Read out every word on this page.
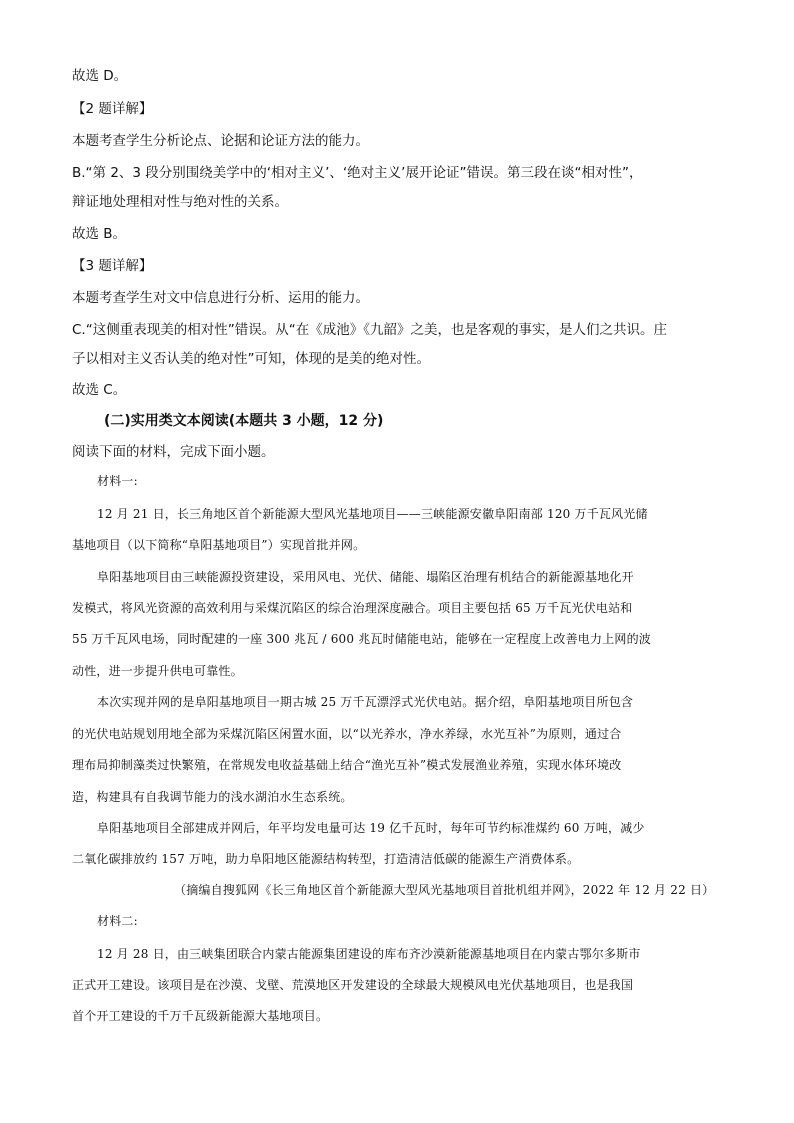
故选 D。
【2 题详解】
本题考查学生分析论点、论据和论证方法的能力。
B.“第 2、3 段分别围绕美学中的‘相对主义’、‘绝对主义’展开论证”错误。第三段在谈“相对性”，
辩证地处理相对性与绝对性的关系。
故选 B。
【3 题详解】
本题考查学生对文中信息进行分析、运用的能力。
C.“这侧重表现美的相对性”错误。从“在《成池》《九韶》之美，也是客观的事实，是人们之共识。庄
子以相对主义否认美的绝对性”可知，体现的是美的绝对性。
故选 C。
(二)实用类文本阅读(本题共 3 小题，12 分)
阅读下面的材料，完成下面小题。
材料一:
12 月 21 日，长三角地区首个新能源大型风光基地项目——三峡能源安徽阜阳南部 120 万千瓦风光储
基地项目（以下简称“阜阳基地项目”）实现首批并网。
阜阳基地项目由三峡能源投资建设，采用风电、光伏、储能、塌陷区治理有机结合的新能源基地化开
发模式，将风光资源的高效利用与采煤沉陷区的综合治理深度融合。项目主要包括 65 万千瓦光伏电站和
55 万千瓦风电场，同时配建的一座 300 兆瓦 / 600 兆瓦时储能电站，能够在一定程度上改善电力上网的波
动性，进一步提升供电可靠性。
本次实现并网的是阜阳基地项目一期古城 25 万千瓦漂浮式光伏电站。据介绍，阜阳基地项目所包含
的光伏电站规划用地全部为采煤沉陷区闲置水面，以“以光养水，净水养绿，水光互补”为原则，通过合
理布局抑制藻类过快繁殖，在常规发电收益基础上结合“渔光互补”模式发展渔业养殖，实现水体环境改
造，构建具有自我调节能力的浅水湖泊水生态系统。
阜阳基地项目全部建成并网后，年平均发电量可达 19 亿千瓦时，每年可节约标准煤约 60 万吨，减少
二氧化碳排放约 157 万吨，助力阜阳地区能源结构转型，打造清洁低碳的能源生产消费体系。
（摘编自搜狐网《长三角地区首个新能源大型风光基地项目首批机组并网》，2022 年 12 月 22 日）
材料二:
12 月 28 日，由三峡集团联合内蒙古能源集团建设的库布齐沙漠新能源基地项目在内蒙古鄂尔多斯市
正式开工建设。该项目是在沙漠、戈壁、荒漠地区开发建设的全球最大规模风电光伏基地项目，也是我国
首个开工建设的千万千瓦级新能源大基地项目。
